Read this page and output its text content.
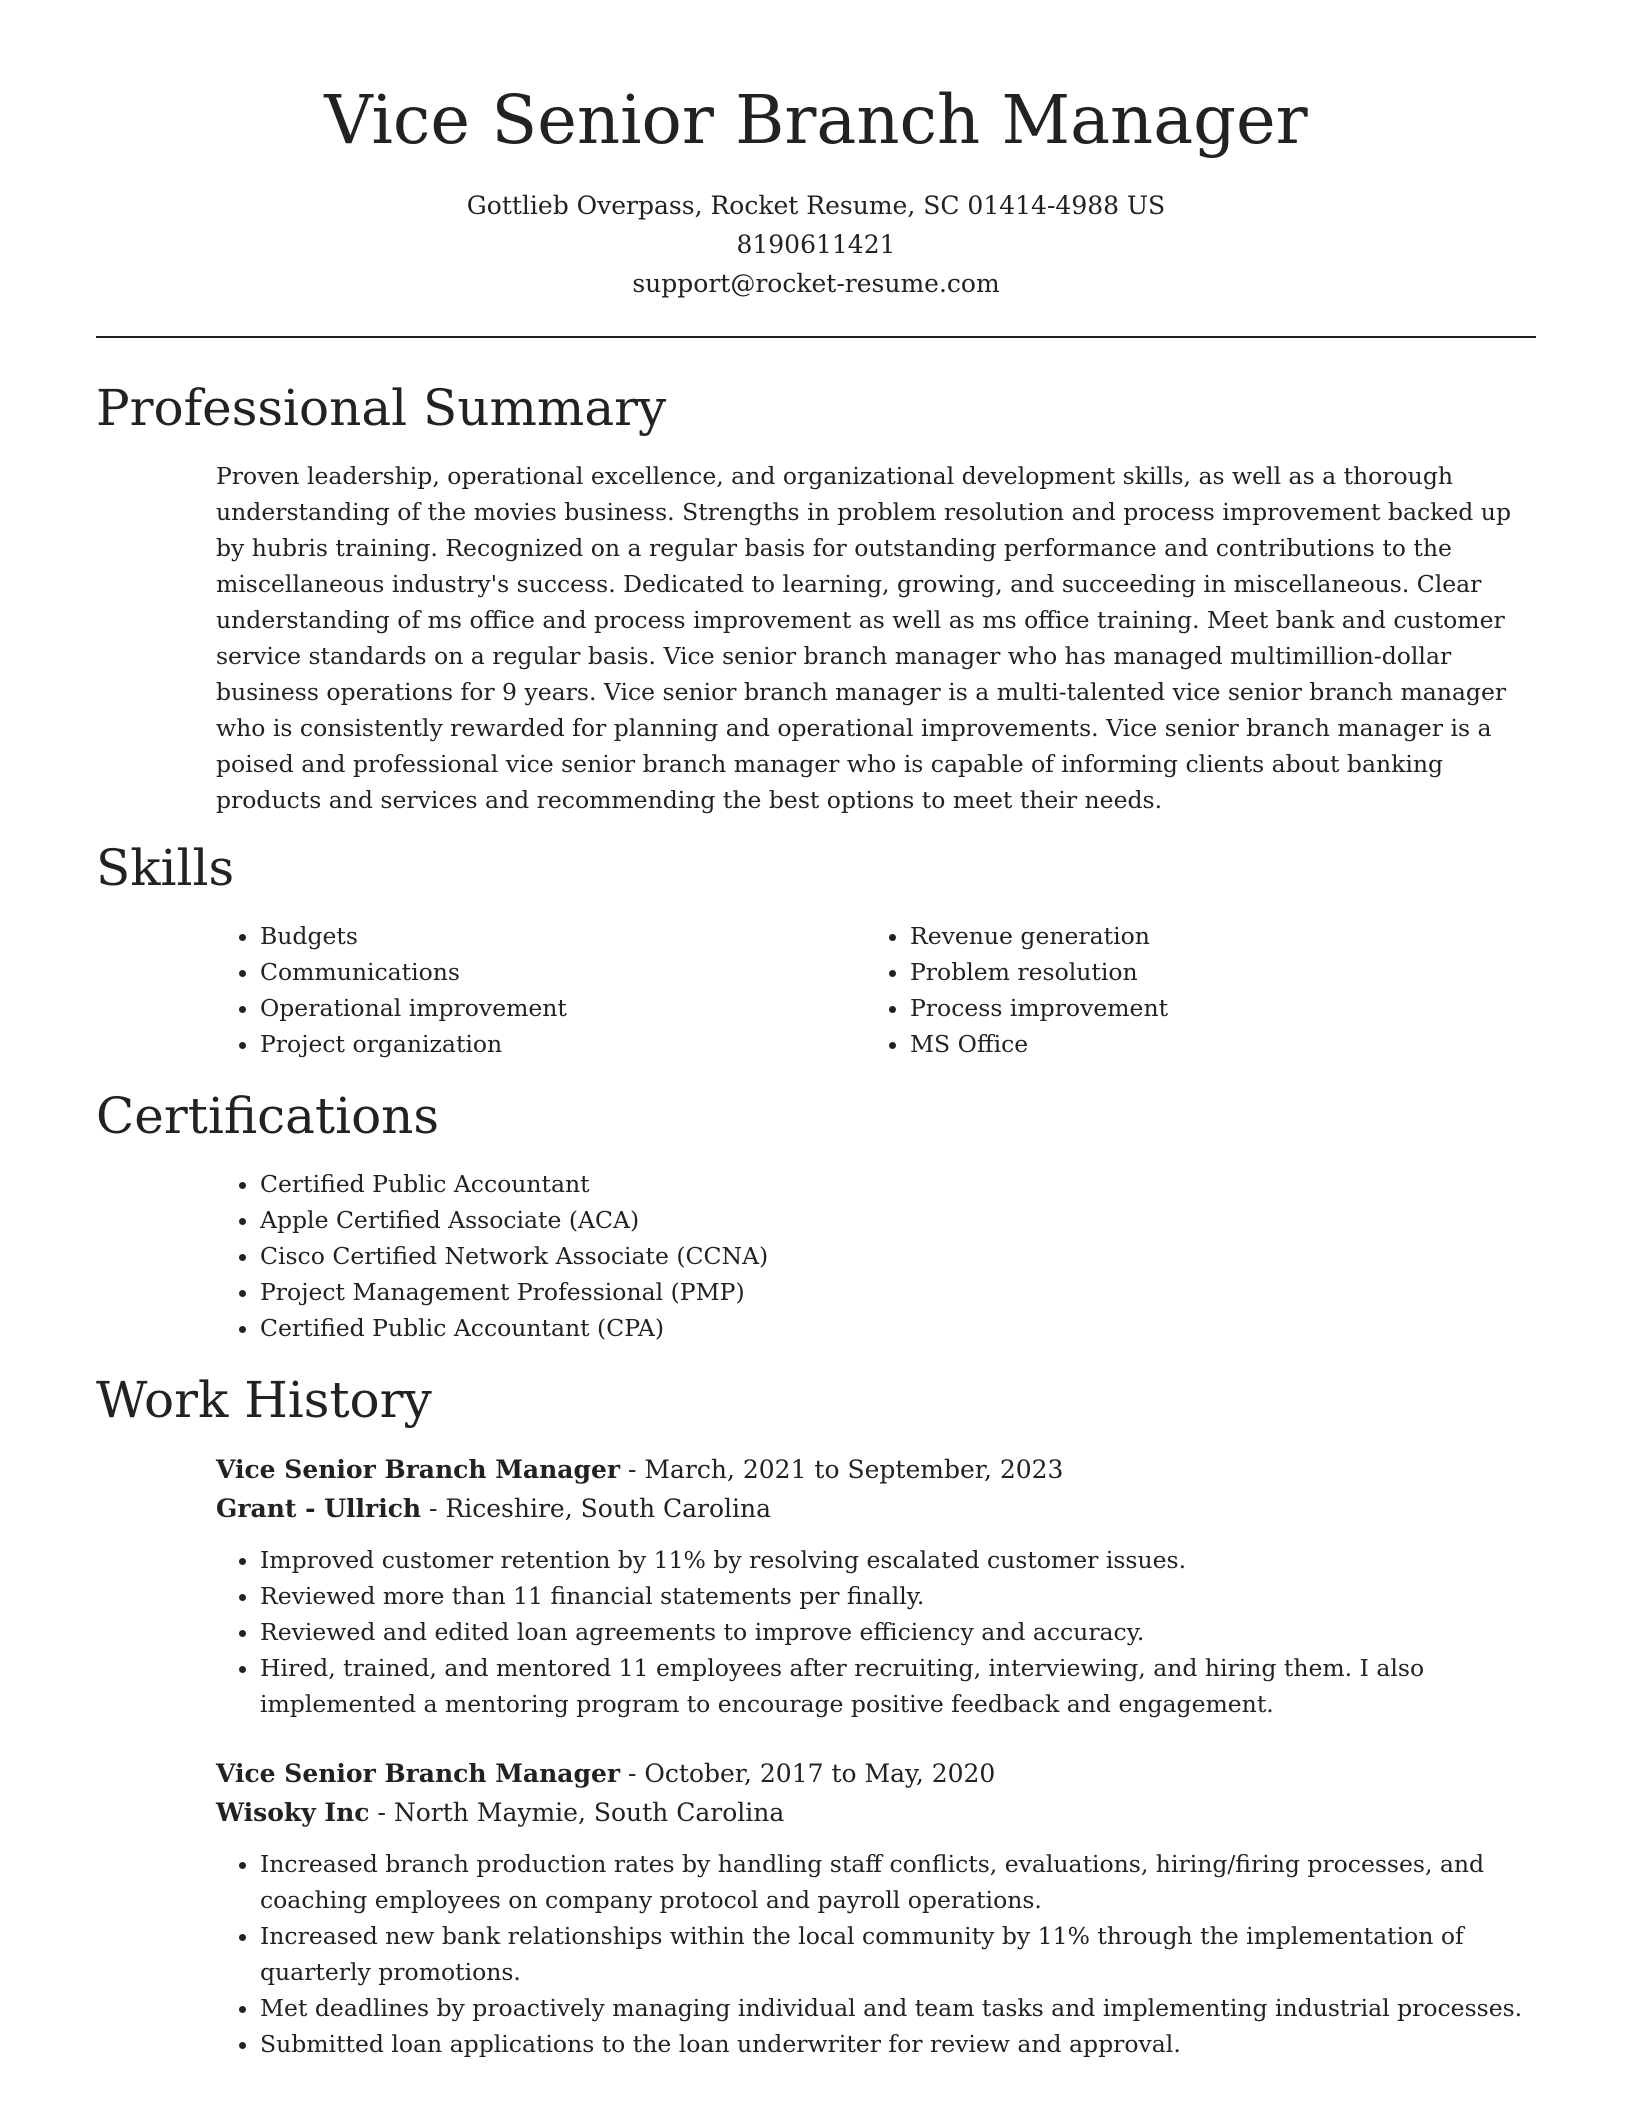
Vice Senior Branch Manager
Gottlieb Overpass, Rocket Resume, SC 01414-4988 US
8190611421
support@rocket-resume.com
Professional Summary

Proven leadership, operational excellence, and organizational development skills, as well as a thorough understanding of the movies business. Strengths in problem resolution and process improvement backed up by hubris training. Recognized on a regular basis for outstanding performance and contributions to the miscellaneous industry's success. Dedicated to learning, growing, and succeeding in miscellaneous. Clear understanding of ms office and process improvement as well as ms office training. Meet bank and customer service standards on a regular basis. Vice senior branch manager who has managed multimillion-dollar business operations for 9 years. Vice senior branch manager is a multi-talented vice senior branch manager who is consistently rewarded for planning and operational improvements. Vice senior branch manager is a poised and professional vice senior branch manager who is capable of informing clients about banking products and services and recommending the best options to meet their needs.

Skills
• Budgets
• Communications
• Operational improvement
• Project organization
• Revenue generation
• Problem resolution
• Process improvement
• MS Office
Certifications
• Certified Public Accountant
• Apple Certified Associate (ACA)
• Cisco Certified Network Associate (CCNA)
• Project Management Professional (PMP)
• Certified Public Accountant (CPA)
Work History
Vice Senior Branch Manager - March, 2021 to September, 2023
Grant - Ullrich - Riceshire, South Carolina
• Improved customer retention by 11% by resolving escalated customer issues.
• Reviewed more than 11 financial statements per finally.
• Reviewed and edited loan agreements to improve efficiency and accuracy.
• Hired, trained, and mentored 11 employees after recruiting, interviewing, and hiring them. I also implemented a mentoring program to encourage positive feedback and engagement.
Vice Senior Branch Manager - October, 2017 to May, 2020
Wisoky Inc - North Maymie, South Carolina
• Increased branch production rates by handling staff conflicts, evaluations, hiring/firing processes, and coaching employees on company protocol and payroll operations.
• Increased new bank relationships within the local community by 11% through the implementation of quarterly promotions.
• Met deadlines by proactively managing individual and team tasks and implementing industrial processes.
• Submitted loan applications to the loan underwriter for review and approval.
